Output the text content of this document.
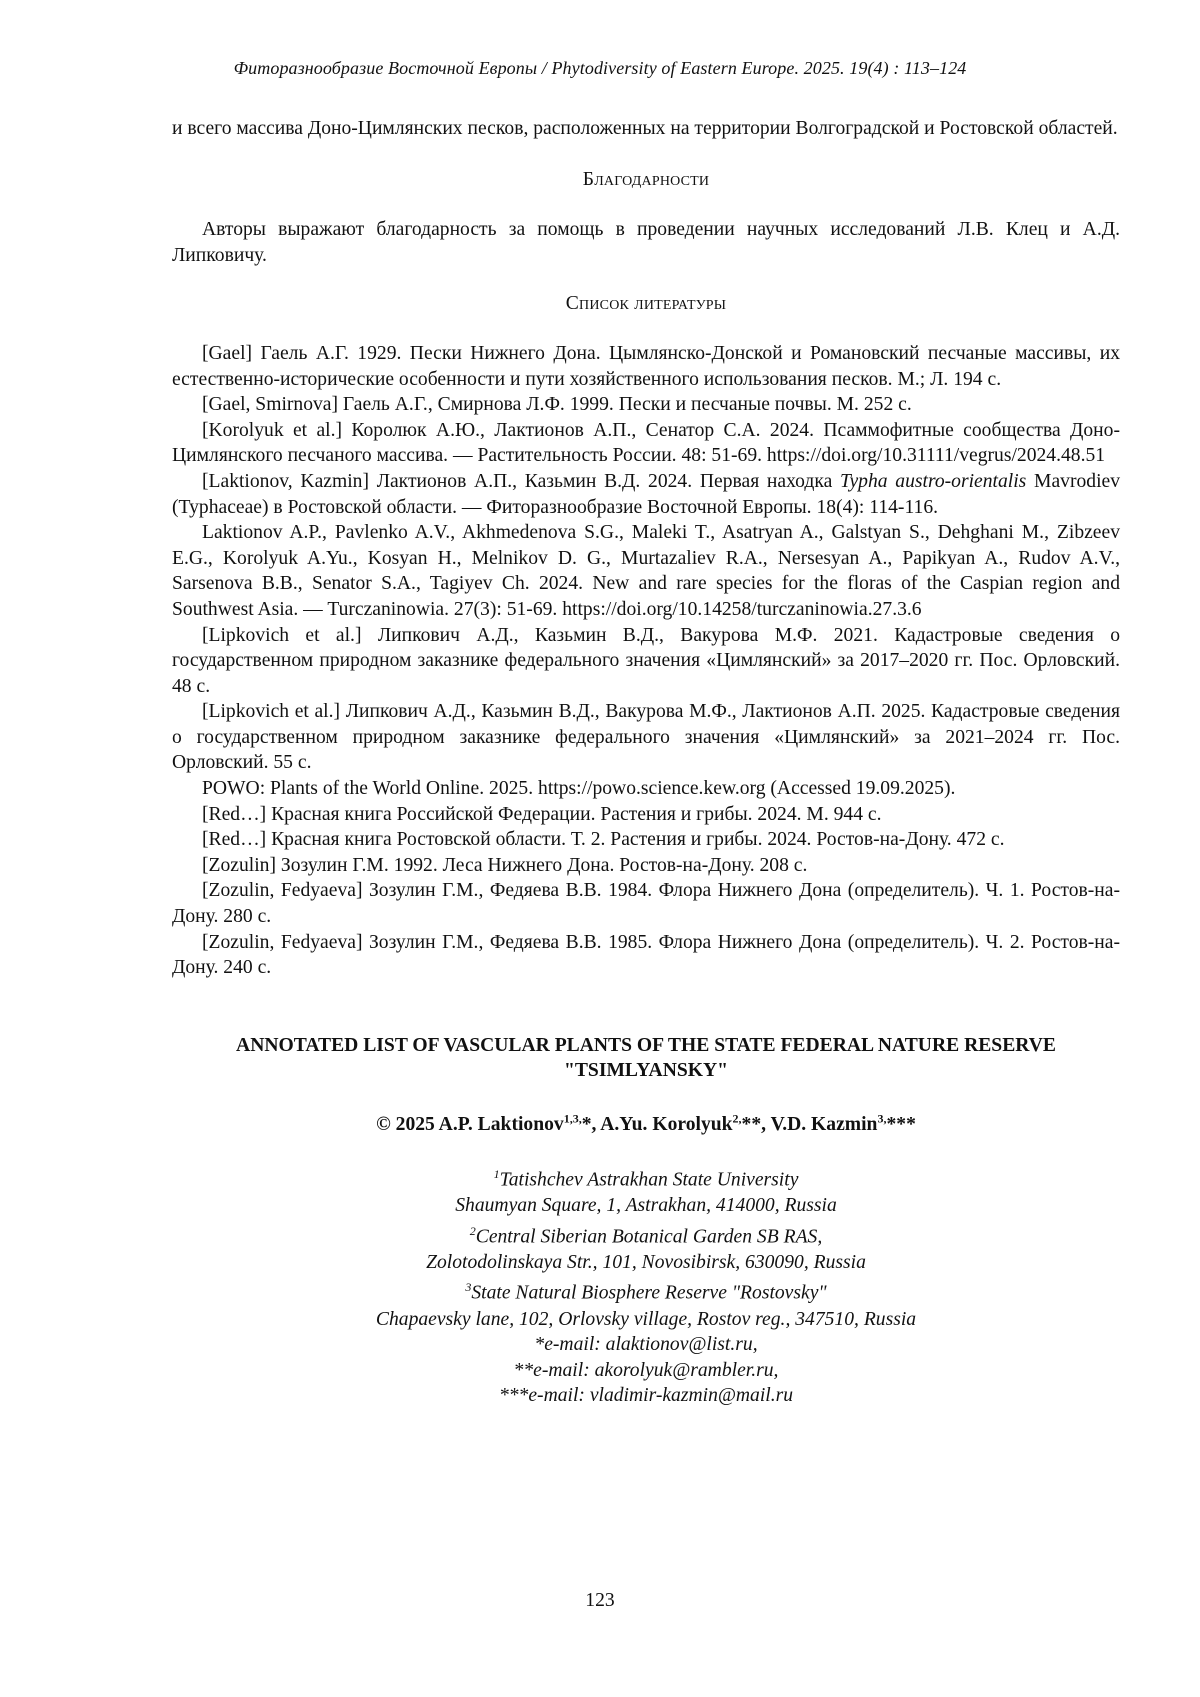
Фиторазнообразие Восточной Европы / Phytodiversity of Eastern Europe. 2025. 19(4) : 113–124

и всего массива Доно-Цимлянских песков, расположенных на территории Волгоградской и Ростовской областей.

Благодарности

Авторы выражают благодарность за помощь в проведении научных исследований Л.В. Клец и А.Д. Липковичу.

Список литературы

[Gael] Гаель А.Г. 1929. Пески Нижнего Дона. Цымлянско-Донской и Романовский песчаные массивы, их естественно-исторические особенности и пути хозяйственного использования песков. М.; Л. 194 с.

[Gael, Smirnova] Гаель А.Г., Смирнова Л.Ф. 1999. Пески и песчаные почвы. М. 252 с.

[Korolyuk et al.] Королюк А.Ю., Лактионов А.П., Сенатор С.А. 2024. Псаммофитные сообщества Доно-Цимлянского песчаного массива. — Растительность России. 48: 51-69. https://doi.org/10.31111/vegrus/2024.48.51

[Laktionov, Kazmin] Лактионов А.П., Казьмин В.Д. 2024. Первая находка Typha austro-orientalis Mavrodiev (Typhaceae) в Ростовской области. — Фиторазнообразие Восточной Европы. 18(4): 114-116.

Laktionov A.P., Pavlenko A.V., Akhmedenova S.G., Maleki T., Asatryan A., Galstyan S., Dehghani M., Zibzeev E.G., Korolyuk A.Yu., Kosyan H., Melnikov D. G., Murtazaliev R.A., Nersesyan A., Papikyan A., Rudov A.V., Sarsenova B.B., Senator S.A., Tagiyev Ch. 2024. New and rare species for the floras of the Caspian region and Southwest Asia. — Turczaninowia. 27(3): 51-69. https://doi.org/10.14258/turczaninowia.27.3.6

[Lipkovich et al.] Липкович А.Д., Казьмин В.Д., Вакурова М.Ф. 2021. Кадастровые сведения о государственном природном заказнике федерального значения «Цимлянский» за 2017–2020 гг. Пос. Орловский. 48 с.

[Lipkovich et al.] Липкович А.Д., Казьмин В.Д., Вакурова М.Ф., Лактионов А.П. 2025. Кадастровые сведения о государственном природном заказнике федерального значения «Цимлянский» за 2021–2024 гг. Пос. Орловский. 55 с.

POWO: Plants of the World Online. 2025. https://powo.science.kew.org (Accessed 19.09.2025).

[Red…] Красная книга Российской Федерации. Растения и грибы. 2024. М. 944 с.

[Red…] Красная книга Ростовской области. Т. 2. Растения и грибы. 2024. Ростов-на-Дону. 472 с.

[Zozulin] Зозулин Г.М. 1992. Леса Нижнего Дона. Ростов-на-Дону. 208 с.

[Zozulin, Fedyaeva] Зозулин Г.М., Федяева В.В. 1984. Флора Нижнего Дона (определитель). Ч. 1. Ростов-на-Дону. 280 с.

[Zozulin, Fedyaeva] Зозулин Г.М., Федяева В.В. 1985. Флора Нижнего Дона (определитель). Ч. 2. Ростов-на-Дону. 240 с.

ANNOTATED LIST OF VASCULAR PLANTS OF THE STATE FEDERAL NATURE RESERVE "TSIMLYANSKY"
© 2025 A.P. Laktionov1,3,*, A.Yu. Korolyuk2,**, V.D. Kazmin3,***
1Tatishchev Astrakhan State University
Shaumyan Square, 1, Astrakhan, 414000, Russia
2Central Siberian Botanical Garden SB RAS,
Zolotodolinskaya Str., 101, Novosibirsk, 630090, Russia
3State Natural Biosphere Reserve "Rostovsky"
Chapaevsky lane, 102, Orlovsky village, Rostov reg., 347510, Russia
*e-mail: alaktionov@list.ru,
**e-mail: akorolyuk@rambler.ru,
***e-mail: vladimir-kazmin@mail.ru
123
